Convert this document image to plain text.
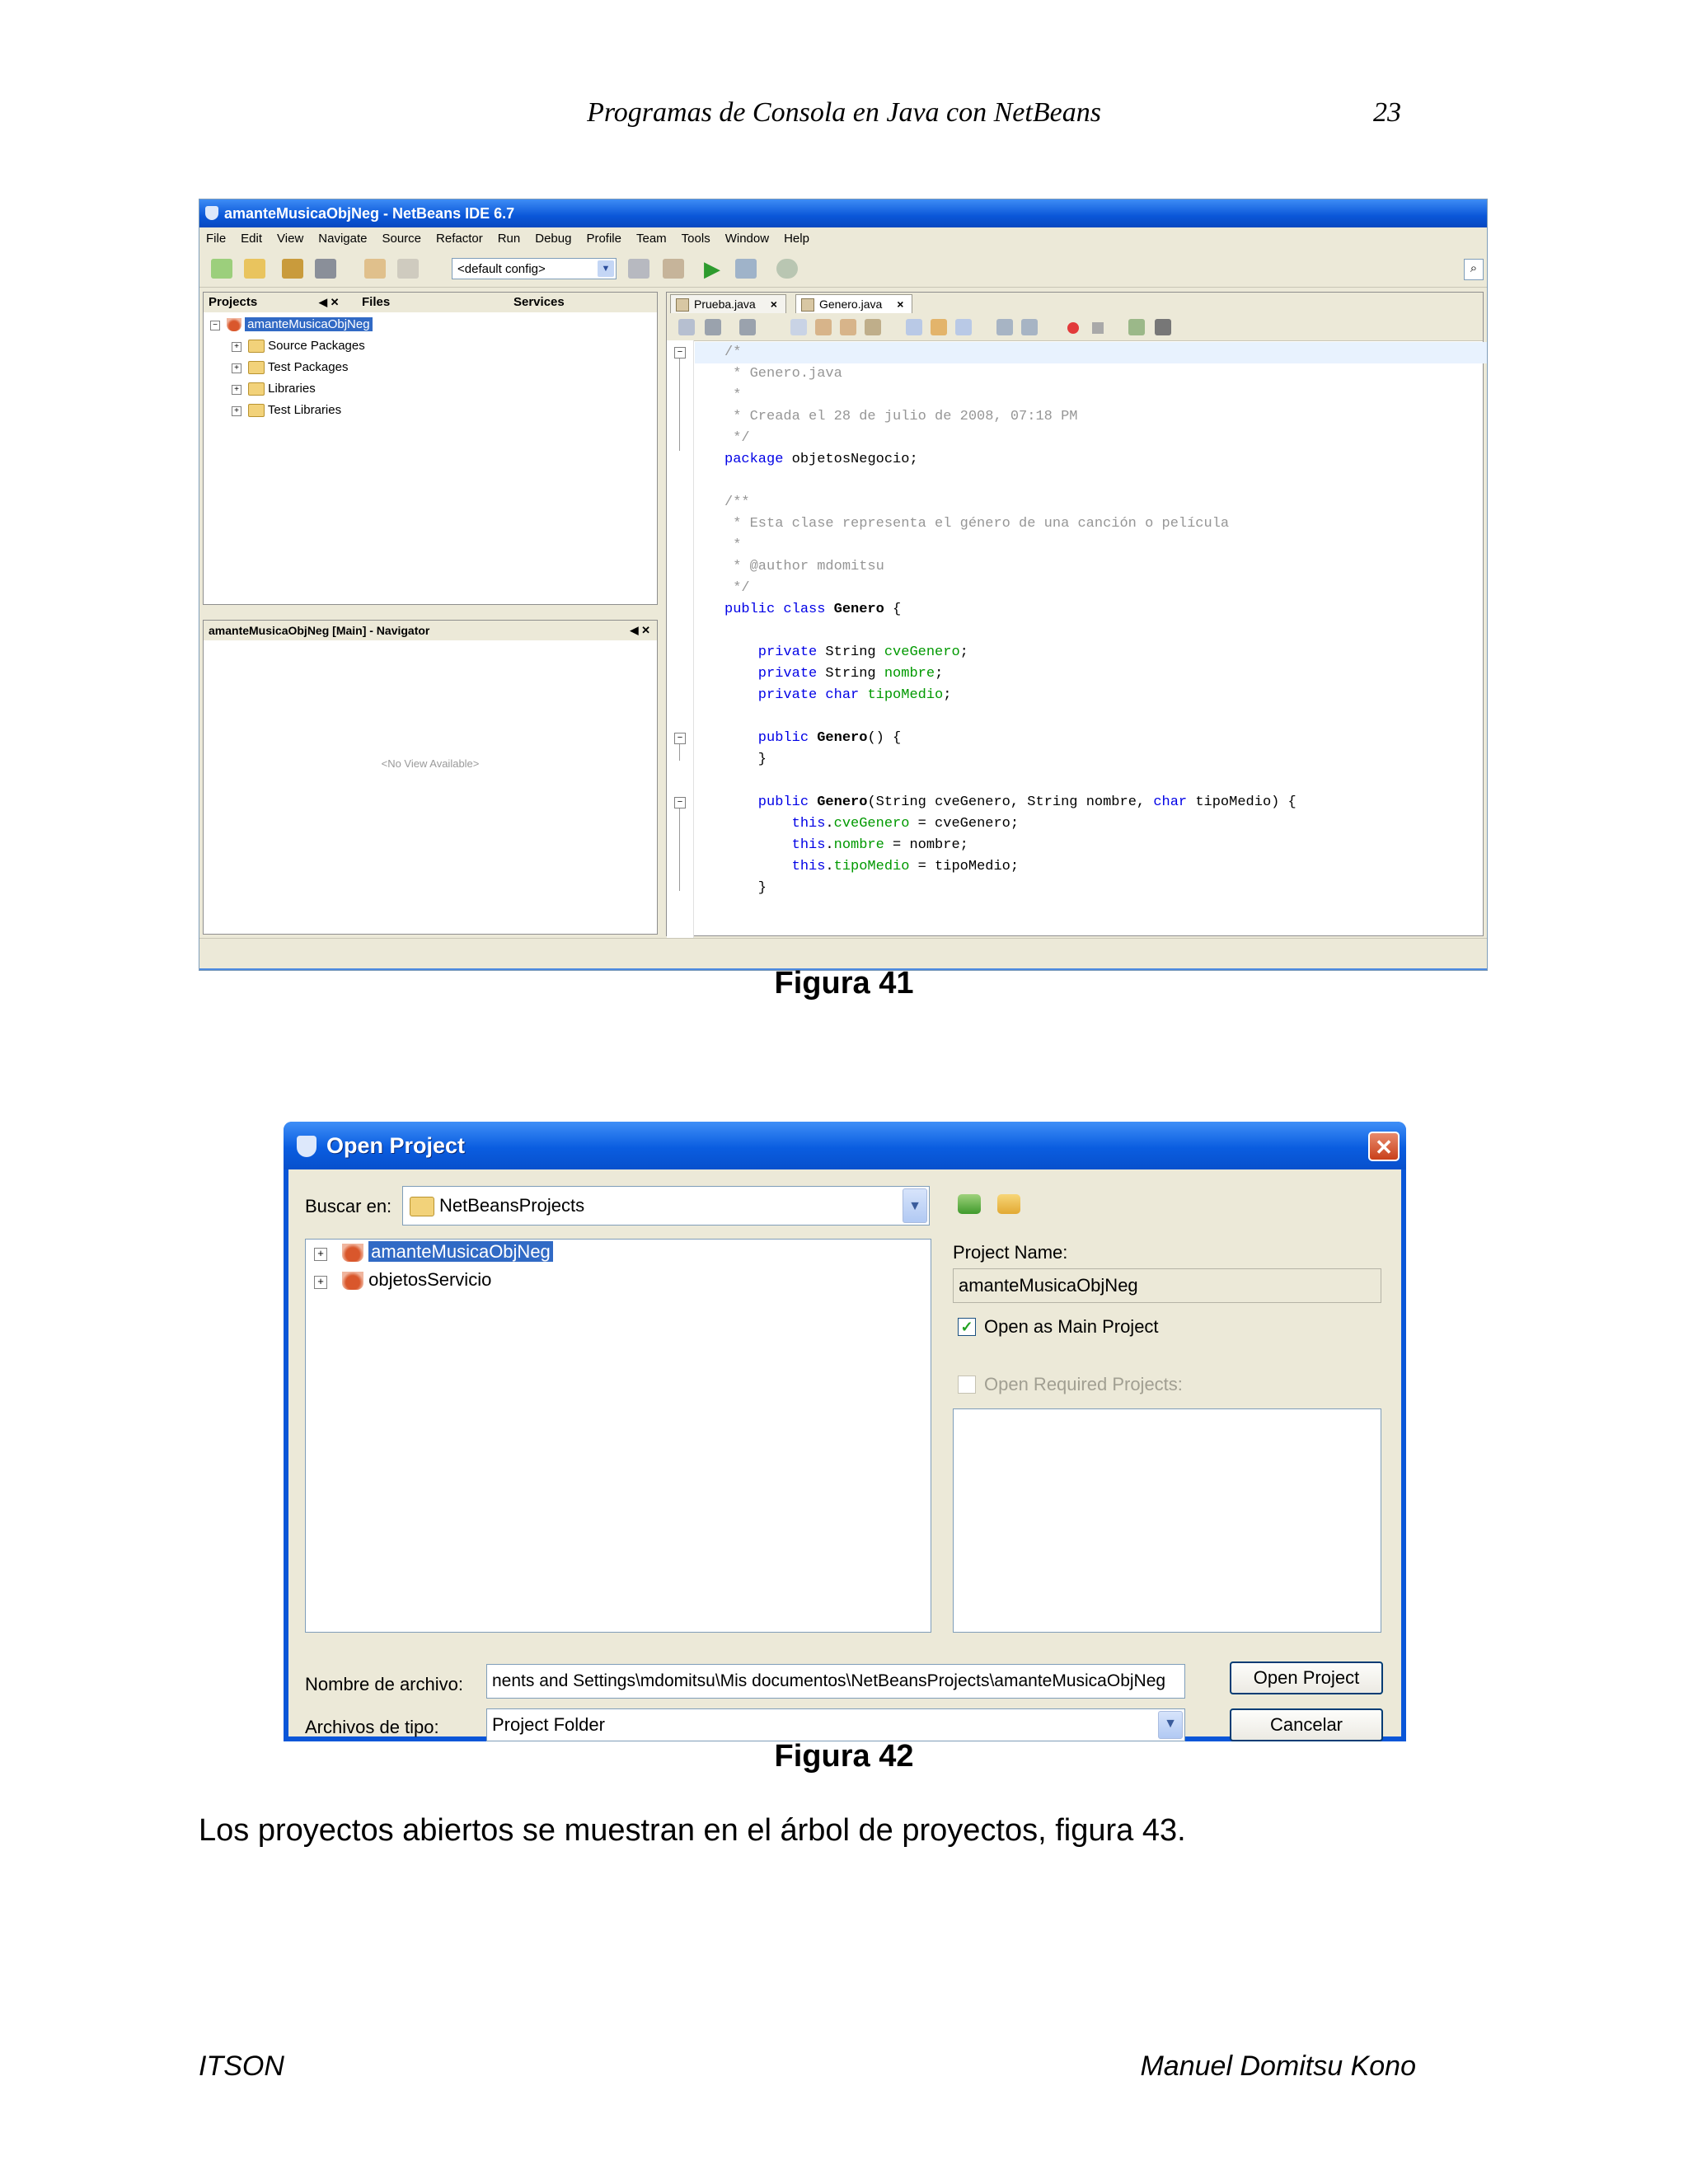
Programas de Consola en Java con NetBeans	23
amanteMusicaObjNeg - NetBeans IDE 6.7
File Edit View Navigate Source Refactor Run Debug Profile Team Tools Window Help
<default config>	▼	▶	⌕
Projects	◀ ✕ Files	Services
−	amanteMusicaObjNeg
+	Source Packages
+	Test Packages
+	Libraries
+	Test Libraries
amanteMusicaObjNeg [Main] - Navigator	◀ ✕
<No View Available>
Prueba.java ×	Genero.java ×
−
−
−

/*
* Genero.java
*
* Creada el 28 de julio de 2008, 07:18 PM
*/
package objetosNegocio;
/**
* Esta clase representa el género de una canción o película
*
* @author mdomitsu
*/
public class Genero {
private String cveGenero;
private String nombre;
private char tipoMedio;
public Genero() {
}
public Genero(String cveGenero, String nombre, char tipoMedio) {
this.cveGenero = cveGenero;
this.nombre = nombre;
this.tipoMedio = tipoMedio;
}
Figura 41
Open Project	✕
Buscar en:	NetBeansProjects	▼
+	amanteMusicaObjNeg
+	objetosServicio
Project Name:
amanteMusicaObjNeg
✓ Open as Main Project
Open Required Projects:
Nombre de archivo:	nents and Settings\mdomitsu\Mis documentos\NetBeansProjects\amanteMusicaObjNeg	Open Project
Archivos de tipo:	Project Folder	▼	Cancelar
Figura 42
Los proyectos abiertos se muestran en el árbol de proyectos, figura 43.
ITSON	Manuel Domitsu Kono
